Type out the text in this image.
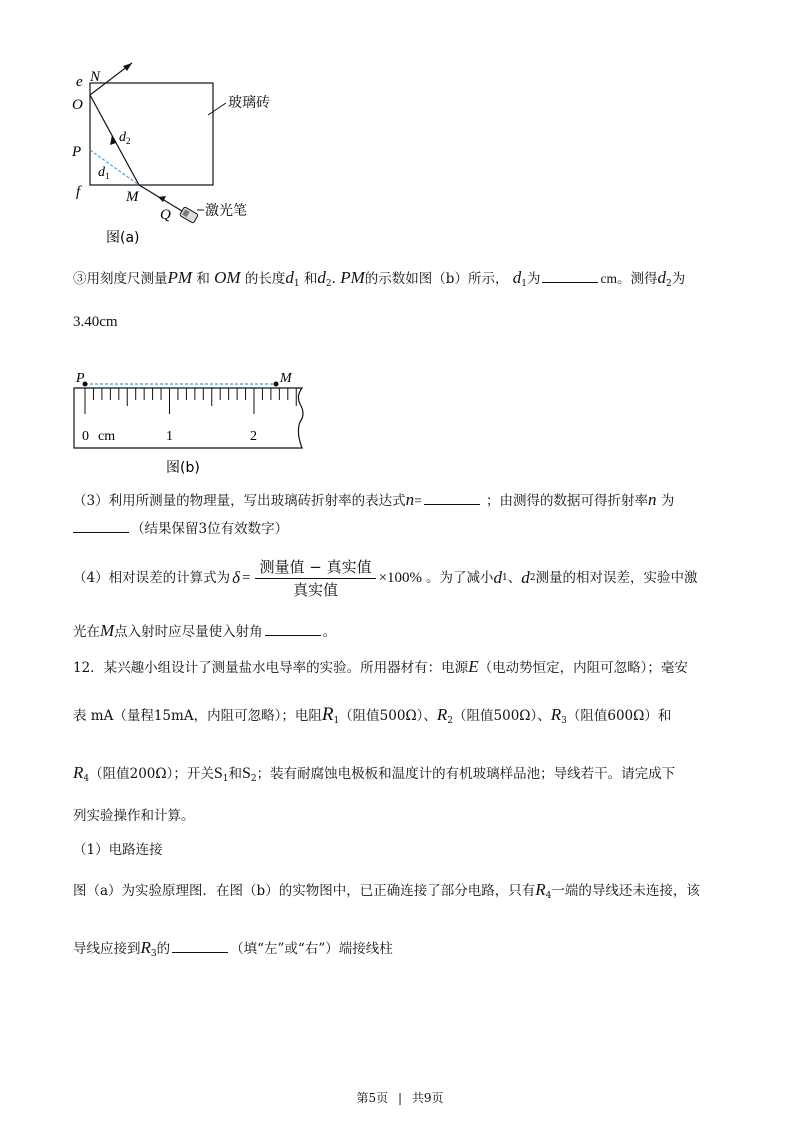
e N
O
P
d 1
d 2
f	M
Q
玻璃砖
激光笔
图(a)
③用刻度尺测量PM 和 OM 的长度$d_1$ 和$d_2$. PM的示数如图（b）所示， $d_1$为	cm。测得$d_2$为
3.40cm
P	M
0 cm	1	2
图(b)
（3）利用所测量的物理量，写出玻璃砖折射率的表达式n=	；由测得的数据可得折射率n 为
（结果保留3位有效数字）
（4）相对误差的计算式为 $\delta = \frac{\text{测量值 − 真实值}}{\text{真实值}} \times 100\%$ 。为了减小 d 1 、 d 2 测量的相对误差，实验中激
光在M点入射时应尽量使入射角	。
12．某兴趣小组设计了测量盐水电导率的实验。所用器材有：电源E（电动势恒定，内阻可忽略）；毫安
表 mA（量程15mA，内阻可忽略）；电阻$R_1$（阻值500Ω）、$R_2$（阻值500Ω）、$R_3$（阻值600Ω）和
$R_4$（阻值200Ω）；开关$S_1$和$S_2$；装有耐腐蚀电极板和温度计的有机玻璃样品池；导线若干。请完成下
列实验操作和计算。
（1）电路连接
图（a）为实验原理图．在图（b）的实物图中，已正确连接了部分电路，只有$R_4$一端的导线还未连接，该
导线应接到$R_3$的	（填“左”或“右”）端接线柱
第5页 | 共9页
